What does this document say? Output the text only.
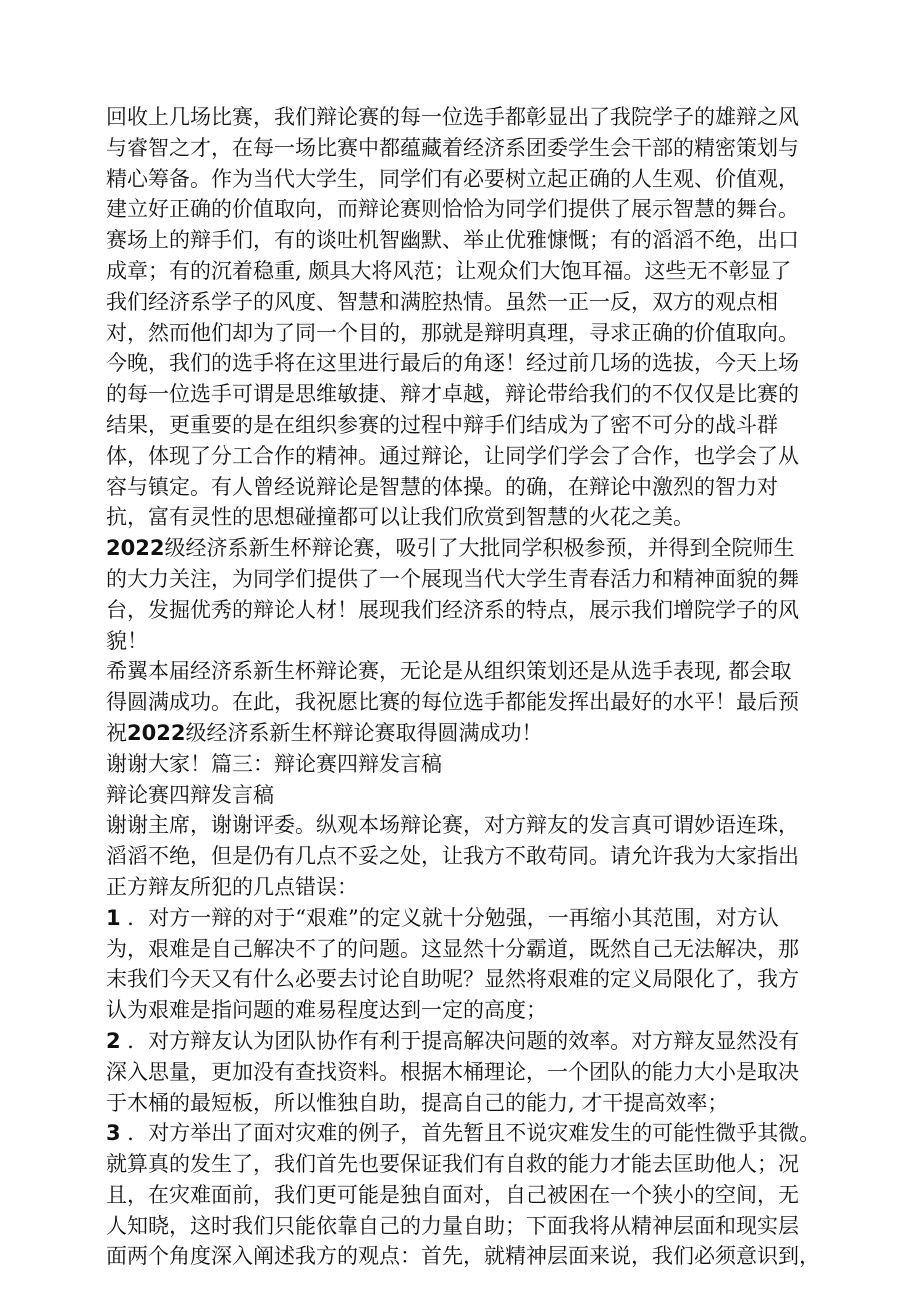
回收上几场比赛，我们辩论赛的每一位选手都彰显出了我院学子的雄辩之风
与睿智之才，在每一场比赛中都蕴藏着经济系团委学生会干部的精密策划与
精心筹备。作为当代大学生，同学们有必要树立起正确的人生观、价值观，
建立好正确的价值取向，而辩论赛则恰恰为同学们提供了展示智慧的舞台。
赛场上的辩手们，有的谈吐机智幽默、举止优雅慷慨；有的滔滔不绝，出口
成章；有的沉着稳重, 颇具大将风范；让观众们大饱耳福。这些无不彰显了
我们经济系学子的风度、智慧和满腔热情。虽然一正一反，双方的观点相
对，然而他们却为了同一个目的，那就是辩明真理，寻求正确的价值取向。
今晚，我们的选手将在这里进行最后的角逐！经过前几场的选拔，今天上场
的每一位选手可谓是思维敏捷、辩才卓越，辩论带给我们的不仅仅是比赛的
结果，更重要的是在组织参赛的过程中辩手们结成为了密不可分的战斗群
体，体现了分工合作的精神。通过辩论，让同学们学会了合作，也学会了从
容与镇定。有人曾经说辩论是智慧的体操。的确，在辩论中激烈的智力对
抗，富有灵性的思想碰撞都可以让我们欣赏到智慧的火花之美。
2022级经济系新生杯辩论赛，吸引了大批同学积极参预，并得到全院师生
的大力关注，为同学们提供了一个展现当代大学生青春活力和精神面貌的舞
台，发掘优秀的辩论人材！展现我们经济系的特点，展示我们增院学子的风
貌！
希翼本届经济系新生杯辩论赛，无论是从组织策划还是从选手表现, 都会取
得圆满成功。在此，我祝愿比赛的每位选手都能发挥出最好的水平！最后预
祝2022级经济系新生杯辩论赛取得圆满成功！
谢谢大家！篇三：辩论赛四辩发言稿
辩论赛四辩发言稿
谢谢主席，谢谢评委。纵观本场辩论赛，对方辩友的发言真可谓妙语连珠，
滔滔不绝，但是仍有几点不妥之处，让我方不敢苟同。请允许我为大家指出
正方辩友所犯的几点错误：
1 ．对方一辩的对于“艰难”的定义就十分勉强，一再缩小其范围，对方认
为，艰难是自己解决不了的问题。这显然十分霸道，既然自己无法解决，那
末我们今天又有什么必要去讨论自助呢？显然将艰难的定义局限化了，我方
认为艰难是指问题的难易程度达到一定的高度；
2 ．对方辩友认为团队协作有利于提高解决问题的效率。对方辩友显然没有
深入思量，更加没有查找资料。根据木桶理论，一个团队的能力大小是取决
于木桶的最短板，所以惟独自助，提高自己的能力, 才干提高效率；
3 ．对方举出了面对灾难的例子，首先暂且不说灾难发生的可能性微乎其微。
就算真的发生了，我们首先也要保证我们有自救的能力才能去匡助他人；况
且，在灾难面前，我们更可能是独自面对，自己被困在一个狭小的空间，无
人知晓，这时我们只能依靠自己的力量自助；下面我将从精神层面和现实层
面两个角度深入阐述我方的观点：首先，就精神层面来说，我们必须意识到，
